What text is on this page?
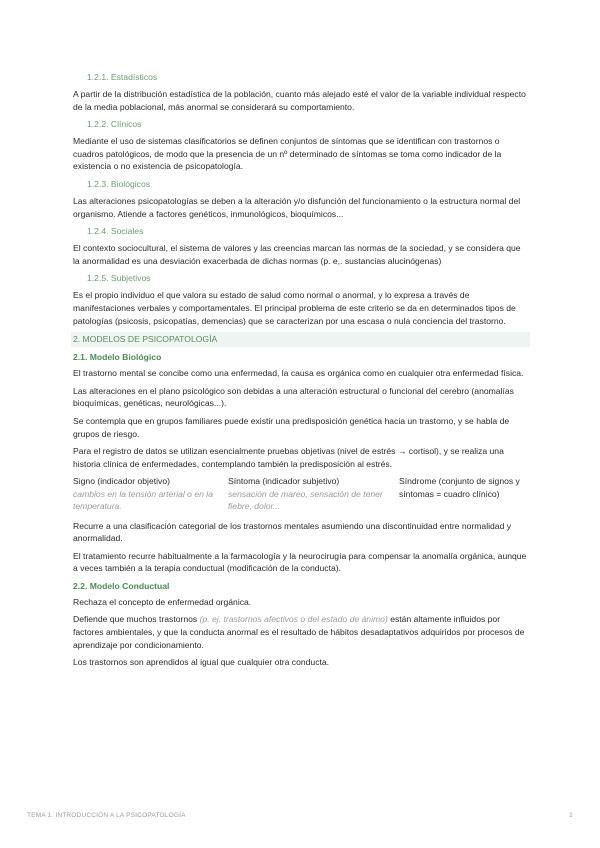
1.2.1. Estadísticos

A partir de la distribución estadística de la población, cuanto más alejado esté el valor de la variable individual respecto de la media poblacional, más anormal se considerará su comportamiento.

1.2.2. Clínicos

Mediante el uso de sistemas clasificatorios se definen conjuntos de síntomas que se identifican con trastornos o cuadros patológicos, de modo que la presencia de un nº determinado de síntomas se toma como indicador de la existencia o no existencia de psicopatología.

1.2.3. Biológicos

Las alteraciones psicopatologías se deben a la alteración y/o disfunción del funcionamiento o la estructura normal del organismo. Atiende a factores genéticos, inmunológicos, bioquímicos...

1.2.4. Sociales

El contexto sociocultural, el sistema de valores y las creencias marcan las normas de la sociedad, y se considera que la anormalidad es una desviación exacerbada de dichas normas (p. e,. sustancias alucinógenas)

1.2.5. Subjetivos

Es el propio individuo el que valora su estado de salud como normal o anormal, y lo expresa a través de manifestaciones verbales y comportamentales. El principal problema de este criterio se da en determinados tipos de patologías (psicosis, psicopatías, demencias) que se caracterizan por una escasa o nula conciencia del trastorno.

2. MODELOS DE PSICOPATOLOGÍA
2.1. Modelo Biológico

El trastorno mental se concibe como una enfermedad, la causa es orgánica como en cualquier otra enfermedad física.

Las alteraciones en el plano psicológico son debidas a una alteración estructural o funcional del cerebro (anomalías bioquímicas, genéticas, neurológicas...).

Se contempla que en grupos familiares puede existir una predisposición genética hacia un trastorno, y se habla de grupos de riesgo.

Para el registro de datos se utilizan esencialmente pruebas objetivas (nivel de estrés → cortisol), y se realiza una historia clínica de enfermedades, contemplando también la predisposición al estrés.

Signo (indicador objetivo)
cambios en la tensión arterial o en la temperatura.
Síntoma (indicador subjetivo)
sensación de mareo, sensación de tener fiebre, dolor...
Síndrome (conjunto de signos y síntomas = cuadro clínico)

Recurre a una clasificación categorial de los trastornos mentales asumiendo una discontinuidad entre normalidad y anormalidad.

El tratamiento recurre habitualmente a la farmacología y la neurocirugía para compensar la anomalía orgánica, aunque a veces también a la terapia conductual (modificación de la conducta).

2.2. Modelo Conductual

Rechaza el concepto de enfermedad orgánica.

Defiende que muchos trastornos (p. ej. trastornos afectivos o del estado de ánimo) están altamente influidos por factores ambientales, y que la conducta anormal es el resultado de hábitos desadaptativos adquiridos por procesos de aprendizaje por condicionamiento.

Los trastornos son aprendidos al igual que cualquier otra conducta.

TEMA 1. INTRODUCCIÓN A LA PSICOPATOLOGÍA	2
